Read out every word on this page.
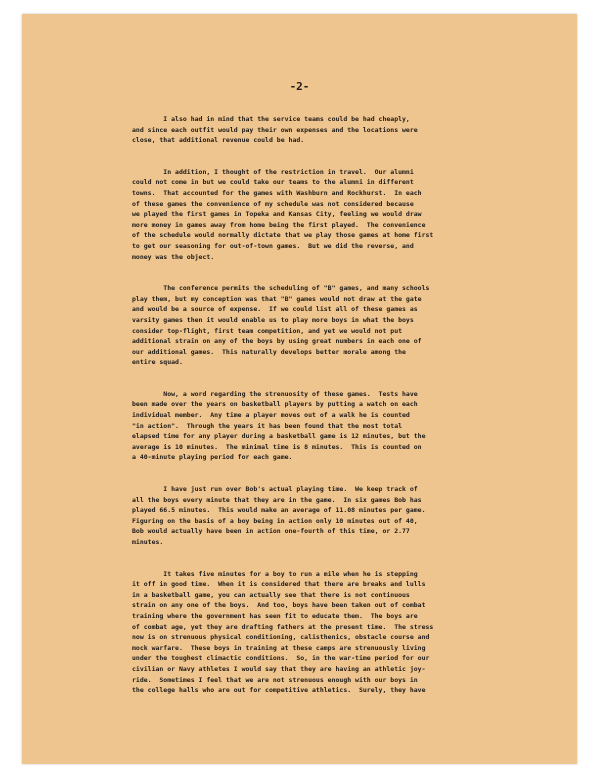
-2-

I also had in mind that the service teams could be had cheaply,
and since each outfit would pay their own expenses and the locations were
close, that additional revenue could be had.

In addition, I thought of the restriction in travel.  Our alumni
could not come in but we could take our teams to the alumni in different
towns.  That accounted for the games with Washburn and Rockhurst.  In each
of these games the convenience of my schedule was not considered because
we played the first games in Topeka and Kansas City, feeling we would draw
more money in games away from home being the first played.  The convenience
of the schedule would normally dictate that we play those games at home first
to get our seasoning for out-of-town games.  But we did the reverse, and
money was the object.

The conference permits the scheduling of "B" games, and many schools
play them, but my conception was that "B" games would not draw at the gate
and would be a source of expense.  If we could list all of these games as
varsity games then it would enable us to play more boys in what the boys
consider top-flight, first team competition, and yet we would not put
additional strain on any of the boys by using great numbers in each one of
our additional games.  This naturally develops better morale among the
entire squad.

Now, a word regarding the strenuosity of these games.  Tests have
been made over the years on basketball players by putting a watch on each
individual member.  Any time a player moves out of a walk he is counted
"in action".  Through the years it has been found that the most total
elapsed time for any player during a basketball game is 12 minutes, but the
average is 10 minutes.  The minimal time is 8 minutes.  This is counted on
a 40-minute playing period for each game.

I have just run over Bob's actual playing time.  We keep track of
all the boys every minute that they are in the game.  In six games Bob has
played 66.5 minutes.  This would make an average of 11.08 minutes per game.
Figuring on the basis of a boy being in action only 10 minutes out of 40,
Bob would actually have been in action one-fourth of this time, or 2.77
minutes.

It takes five minutes for a boy to run a mile when he is stepping
it off in good time.  When it is considered that there are breaks and lulls
in a basketball game, you can actually see that there is not continuous
strain on any one of the boys.  And too, boys have been taken out of combat
training where the government has seen fit to educate them.  The boys are
of combat age, yet they are drafting fathers at the present time.  The stress
now is on strenuous physical conditioning, calisthenics, obstacle course and
mock warfare.  These boys in training at these camps are strenuously living
under the toughest climactic conditions.  So, in the war-time period for our
civilian or Navy athletes I would say that they are having an athletic joy-
ride.  Sometimes I feel that we are not strenuous enough with our boys in
the college halls who are out for competitive athletics.  Surely, they have
